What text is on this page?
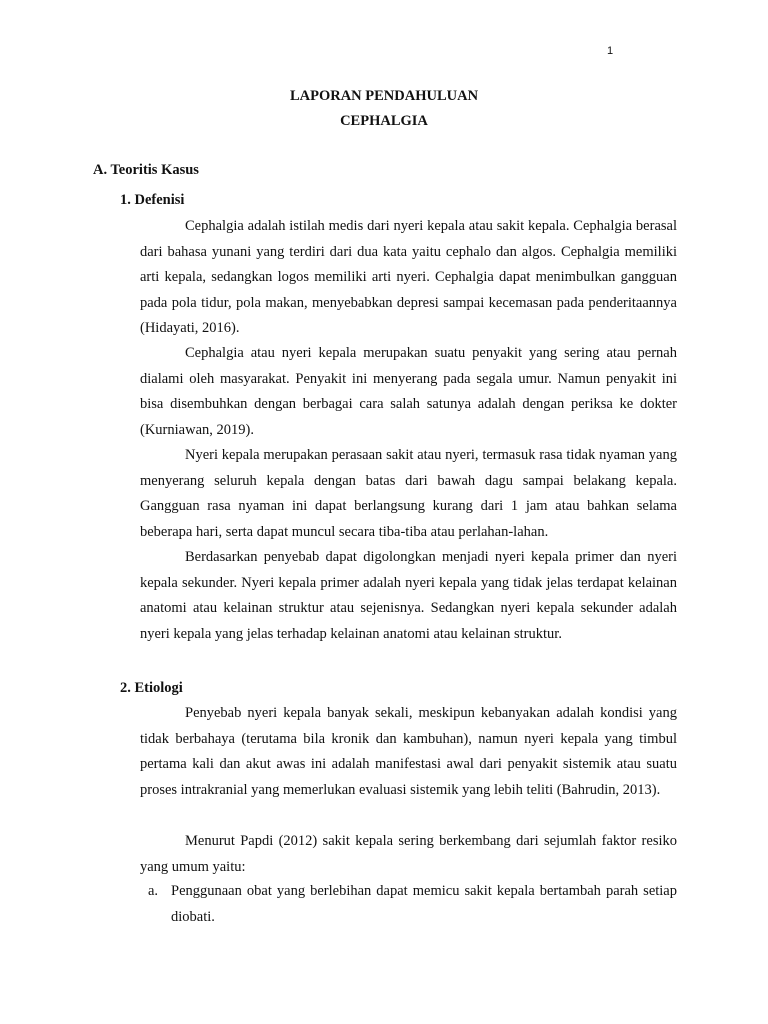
1
LAPORAN PENDAHULUAN
CEPHALGIA
A. Teoritis Kasus
1. Defenisi

Cephalgia adalah istilah medis dari nyeri kepala atau sakit kepala. Cephalgia berasal dari bahasa yunani yang terdiri dari dua kata yaitu cephalo dan algos. Cephalgia memiliki arti kepala, sedangkan logos memiliki arti nyeri. Cephalgia dapat menimbulkan gangguan pada pola tidur, pola makan, menyebabkan depresi sampai kecemasan pada penderitaannya (Hidayati, 2016).

Cephalgia atau nyeri kepala merupakan suatu penyakit yang sering atau pernah dialami oleh masyarakat. Penyakit ini menyerang pada segala umur. Namun penyakit ini bisa disembuhkan dengan berbagai cara salah satunya adalah dengan periksa ke dokter (Kurniawan, 2019).

Nyeri kepala merupakan perasaan sakit atau nyeri, termasuk rasa tidak nyaman yang menyerang seluruh kepala dengan batas dari bawah dagu sampai belakang kepala. Gangguan rasa nyaman ini dapat berlangsung kurang dari 1 jam atau bahkan selama beberapa hari, serta dapat muncul secara tiba-tiba atau perlahan-lahan.

Berdasarkan penyebab dapat digolongkan menjadi nyeri kepala primer dan nyeri kepala sekunder. Nyeri kepala primer adalah nyeri kepala yang tidak jelas terdapat kelainan anatomi atau kelainan struktur atau sejenisnya. Sedangkan nyeri kepala sekunder adalah nyeri kepala yang jelas terhadap kelainan anatomi atau kelainan struktur.

2. Etiologi

Penyebab nyeri kepala banyak sekali, meskipun kebanyakan adalah kondisi yang tidak berbahaya (terutama bila kronik dan kambuhan), namun nyeri kepala yang timbul pertama kali dan akut awas ini adalah manifestasi awal dari penyakit sistemik atau suatu proses intrakranial yang memerlukan evaluasi sistemik yang lebih teliti (Bahrudin, 2013).

Menurut Papdi (2012) sakit kepala sering berkembang dari sejumlah faktor resiko yang umum yaitu:

a. Penggunaan obat yang berlebihan dapat memicu sakit kepala bertambah parah setiap diobati.
